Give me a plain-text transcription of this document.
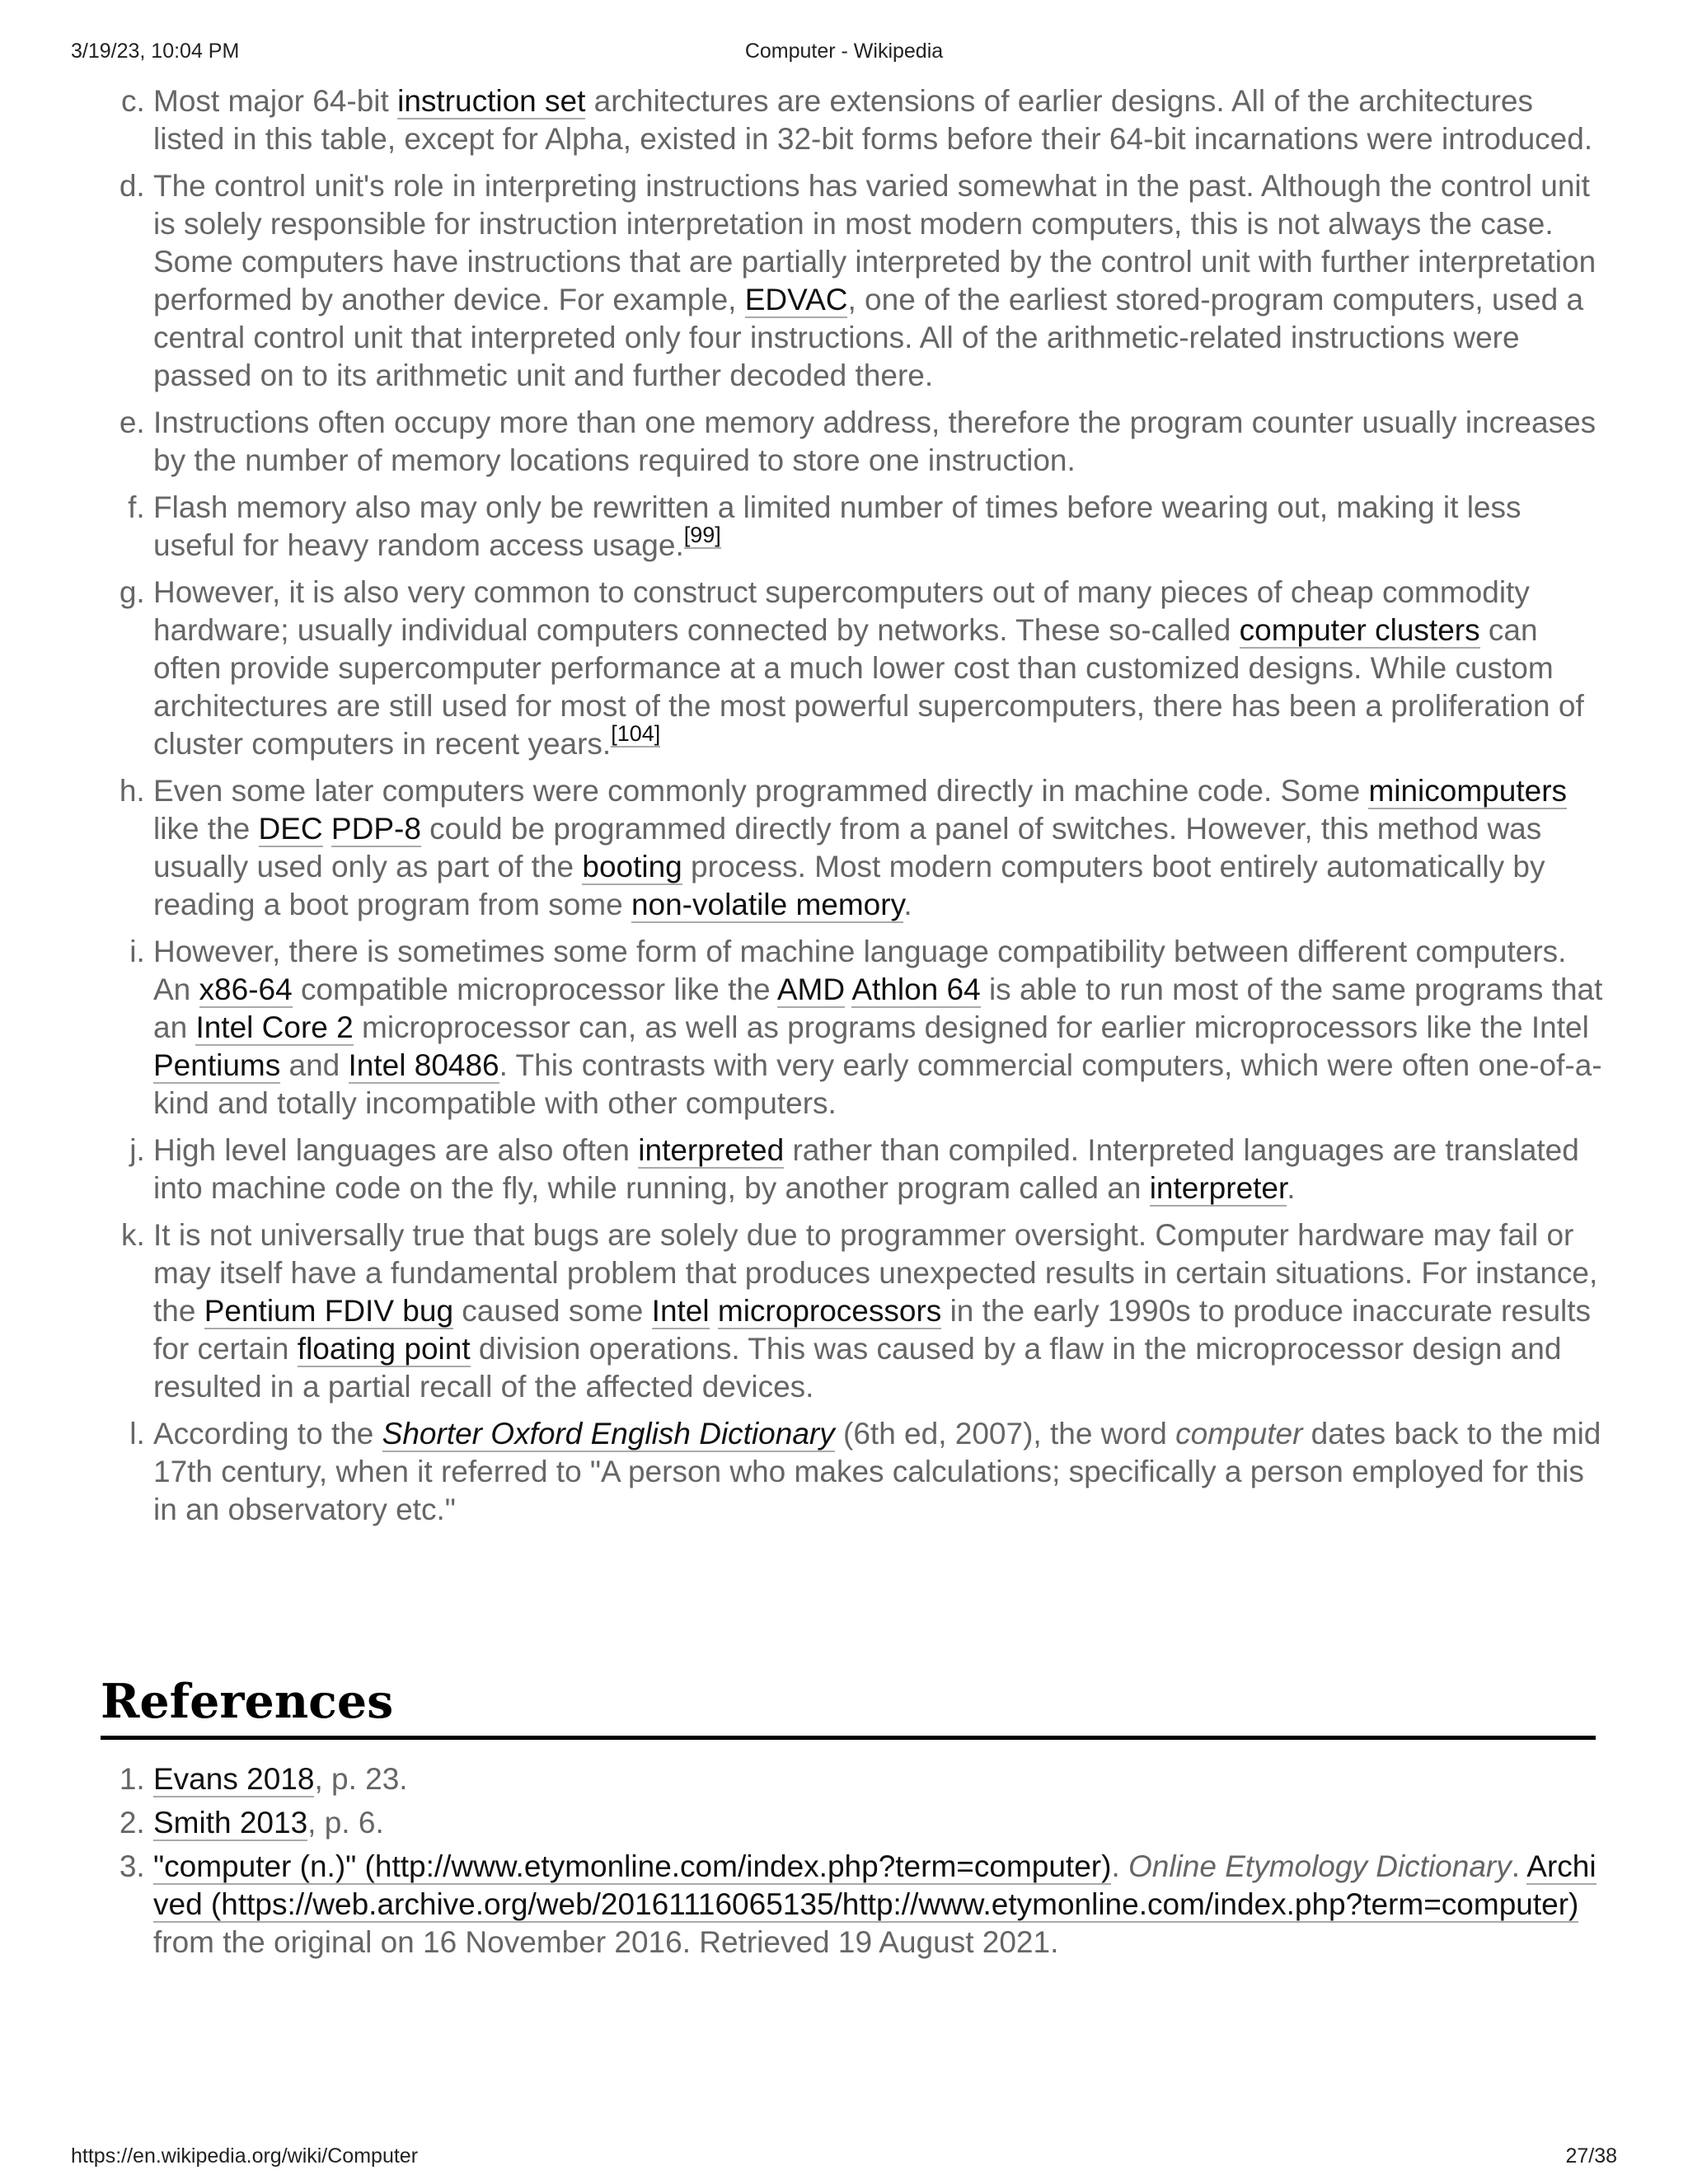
3/19/23, 10:04 PM	Computer - Wikipedia
c. Most major 64-bit instruction set architectures are extensions of earlier designs. All of the architectures listed in this table, except for Alpha, existed in 32-bit forms before their 64-bit incarnations were introduced.
d. The control unit's role in interpreting instructions has varied somewhat in the past. Although the control unit is solely responsible for instruction interpretation in most modern computers, this is not always the case. Some computers have instructions that are partially interpreted by the control unit with further interpretation performed by another device. For example, EDVAC, one of the earliest stored-program computers, used a central control unit that interpreted only four instructions. All of the arithmetic-related instructions were passed on to its arithmetic unit and further decoded there.
e. Instructions often occupy more than one memory address, therefore the program counter usually increases by the number of memory locations required to store one instruction.
f. Flash memory also may only be rewritten a limited number of times before wearing out, making it less useful for heavy random access usage.[99]
g. However, it is also very common to construct supercomputers out of many pieces of cheap commodity hardware; usually individual computers connected by networks. These so-called computer clusters can often provide supercomputer performance at a much lower cost than customized designs. While custom architectures are still used for most of the most powerful supercomputers, there has been a proliferation of cluster computers in recent years.[104]
h. Even some later computers were commonly programmed directly in machine code. Some minicomputers like the DEC PDP-8 could be programmed directly from a panel of switches. However, this method was usually used only as part of the booting process. Most modern computers boot entirely automatically by reading a boot program from some non-volatile memory.
i. However, there is sometimes some form of machine language compatibility between different computers. An x86-64 compatible microprocessor like the AMD Athlon 64 is able to run most of the same programs that an Intel Core 2 microprocessor can, as well as programs designed for earlier microprocessors like the Intel Pentiums and Intel 80486. This contrasts with very early commercial computers, which were often one-of-a-kind and totally incompatible with other computers.
j. High level languages are also often interpreted rather than compiled. Interpreted languages are translated into machine code on the fly, while running, by another program called an interpreter.
k. It is not universally true that bugs are solely due to programmer oversight. Computer hardware may fail or may itself have a fundamental problem that produces unexpected results in certain situations. For instance, the Pentium FDIV bug caused some Intel microprocessors in the early 1990s to produce inaccurate results for certain floating point division operations. This was caused by a flaw in the microprocessor design and resulted in a partial recall of the affected devices.
l. According to the Shorter Oxford English Dictionary (6th ed, 2007), the word computer dates back to the mid 17th century, when it referred to "A person who makes calculations; specifically a person employed for this in an observatory etc."
References
1. Evans 2018, p. 23.
2. Smith 2013, p. 6.
3. "computer (n.)" (http://www.etymonline.com/index.php?term=computer). Online Etymology Dictionary. Archived (https://web.archive.org/web/20161116065135/http://www.etymonline.com/index.php?term=computer) from the original on 16 November 2016. Retrieved 19 August 2021.
https://en.wikipedia.org/wiki/Computer	27/38
